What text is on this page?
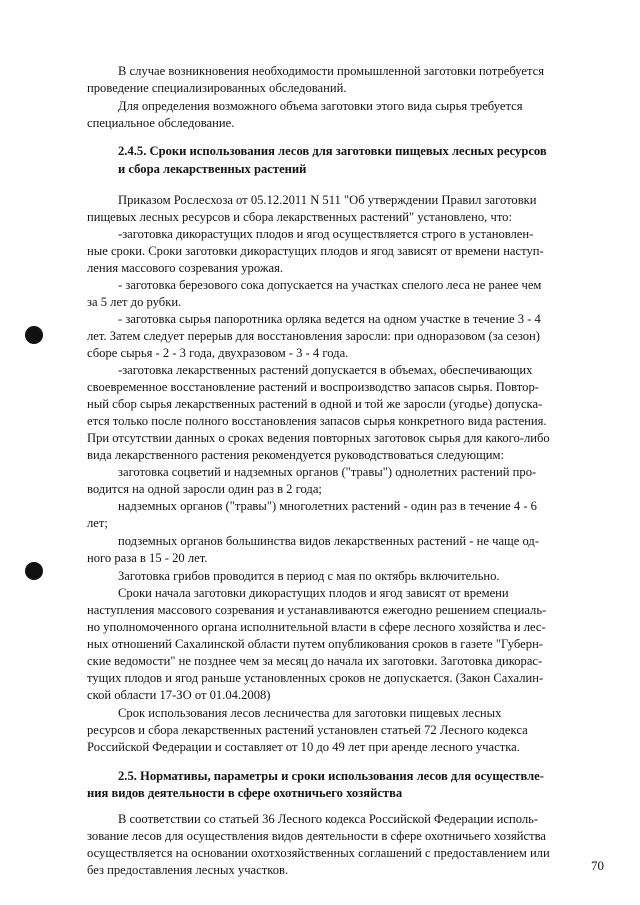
В случае возникновения необходимости промышленной заготовки потребуется
проведение специализированных обследований.
Для определения возможного объема заготовки этого вида сырья требуется
специальное обследование.
2.4.5. Сроки использования лесов для заготовки пищевых лесных ресурсов
и сбора лекарственных растений
Приказом Рослесхоза от 05.12.2011 N 511 "Об утверждении Правил заготовки
пищевых лесных ресурсов и сбора лекарственных растений" установлено, что:
-заготовка дикорастущих плодов и ягод осуществляется строго в установлен-
ные сроки. Сроки заготовки дикорастущих плодов и ягод зависят от времени наступ-
ления массового созревания урожая.
- заготовка березового сока допускается на участках спелого леса не ранее чем
за 5 лет до рубки.
- заготовка сырья папоротника орляка ведется на одном участке в течение 3 - 4
лет. Затем следует перерыв для восстановления заросли: при одноразовом (за сезон)
сборе сырья - 2 - 3 года, двухразовом - 3 - 4 года.
-заготовка лекарственных растений допускается в объемах, обеспечивающих
своевременное восстановление растений и воспроизводство запасов сырья. Повтор-
ный сбор сырья лекарственных растений в одной и той же заросли (угодье) допуска-
ется только после полного восстановления запасов сырья конкретного вида растения.
При отсутствии данных о сроках ведения повторных заготовок сырья для какого-либо
вида лекарственного растения рекомендуется руководствоваться следующим:
заготовка соцветий и надземных органов ("травы") однолетних растений про-
водится на одной заросли один раз в 2 года;
надземных органов ("травы") многолетних растений - один раз в течение 4 - 6
лет;
подземных органов большинства видов лекарственных растений - не чаще од-
ного раза в 15 - 20 лет.
Заготовка грибов проводится в период с мая по октябрь включительно.
Сроки начала заготовки дикорастущих плодов и ягод зависят от времени
наступления массового созревания и устанавливаются ежегодно решением специаль-
но уполномоченного органа исполнительной власти в сфере лесного хозяйства и лес-
ных отношений Сахалинской области путем опубликования сроков в газете "Губерн-
ские ведомости" не позднее чем за месяц до начала их заготовки. Заготовка дикорас-
тущих плодов и ягод раньше установленных сроков не допускается. (Закон Сахалин-
ской области 17-ЗО от 01.04.2008)
Срок использования лесов лесничества для заготовки пищевых лесных
ресурсов и сбора лекарственных растений установлен статьей 72 Лесного кодекса
Российской Федерации и составляет от 10 до 49 лет при аренде лесного участка.
2.5. Нормативы, параметры и сроки использования лесов для осуществле-
ния видов деятельности в сфере охотничьего хозяйства
В соответствии со статьей 36 Лесного кодекса Российской Федерации исполь-
зование лесов для осуществления видов деятельности в сфере охотничьего хозяйства
осуществляется на основании охотхозяйственных соглашений с предоставлением или
без предоставления лесных участков.	70
